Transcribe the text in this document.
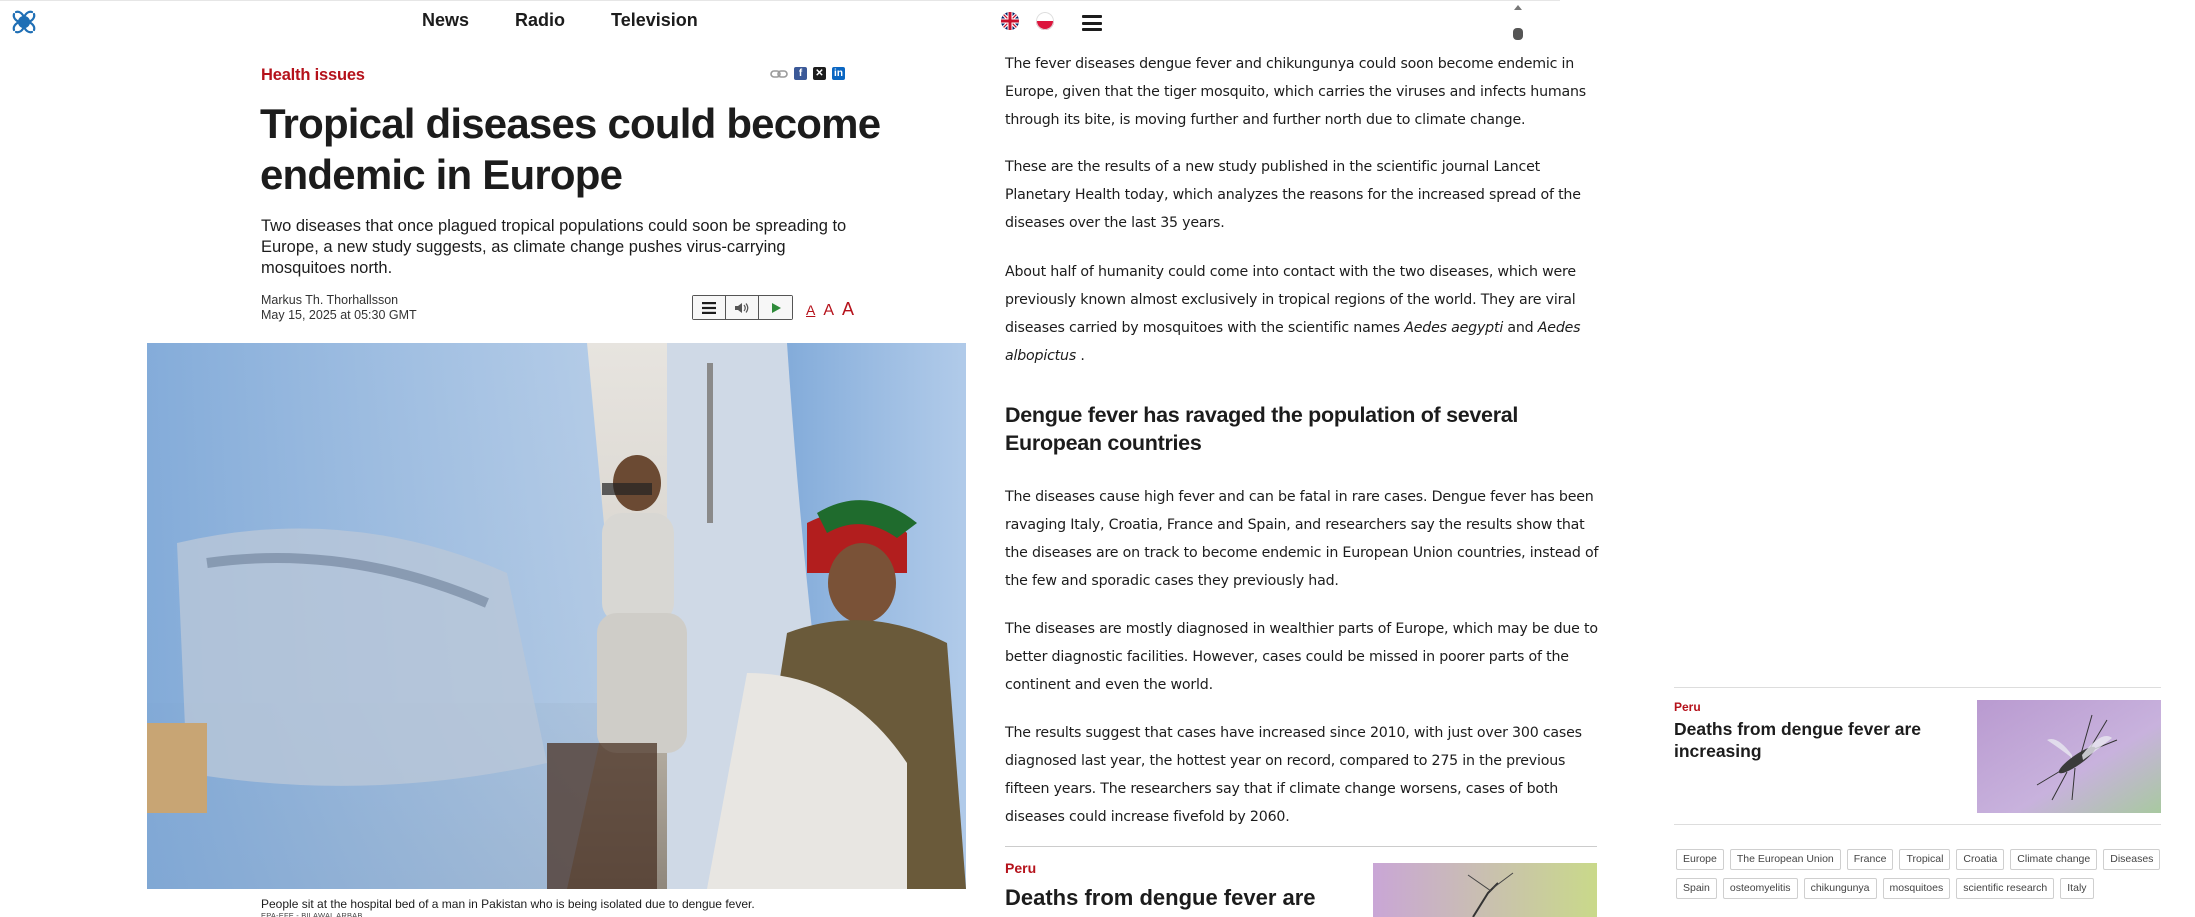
News	Radio	Television
Health issues	f	✕ in
Tropical diseases could become endemic in Europe

Two diseases that once plagued tropical populations could soon be spreading to Europe, a new study suggests, as climate change pushes virus-carrying mosquitoes north.

Markus Th. Thorhallsson
May 15, 2025 at 05:30 GMT	A A A
People sit at the hospital bed of a man in Pakistan who is being isolated due to dengue fever.
EPA-EFE - BILAWAL ARBAB

The fever diseases dengue fever and chikungunya could soon become endemic in Europe, given that the tiger mosquito, which carries the viruses and infects humans through its bite, is moving further and further north due to climate change.

These are the results of a new study published in the scientific journal Lancet Planetary Health today, which analyzes the reasons for the increased spread of the diseases over the last 35 years.

About half of humanity could come into contact with the two diseases, which were previously known almost exclusively in tropical regions of the world. They are viral diseases carried by mosquitoes with the scientific names Aedes aegypti and Aedes albopictus .

Dengue fever has ravaged the population of several European countries

The diseases cause high fever and can be fatal in rare cases. Dengue fever has been ravaging Italy, Croatia, France and Spain, and researchers say the results show that the diseases are on track to become endemic in European Union countries, instead of the few and sporadic cases they previously had.

The diseases are mostly diagnosed in wealthier parts of Europe, which may be due to better diagnostic facilities. However, cases could be missed in poorer parts of the continent and even the world.

The results suggest that cases have increased since 2010, with just over 300 cases diagnosed last year, the hottest year on record, compared to 275 in the previous fifteen years. The researchers say that if climate change worsens, cases of both diseases could increase fivefold by 2060.

Peru
Deaths from dengue fever are
Peru
Deaths from dengue fever are increasing
Europe	The European Union	France	Tropical	Croatia	Climate change	Diseases
Spain	osteomyelitis	chikungunya	mosquitoes	scientific research	Italy
